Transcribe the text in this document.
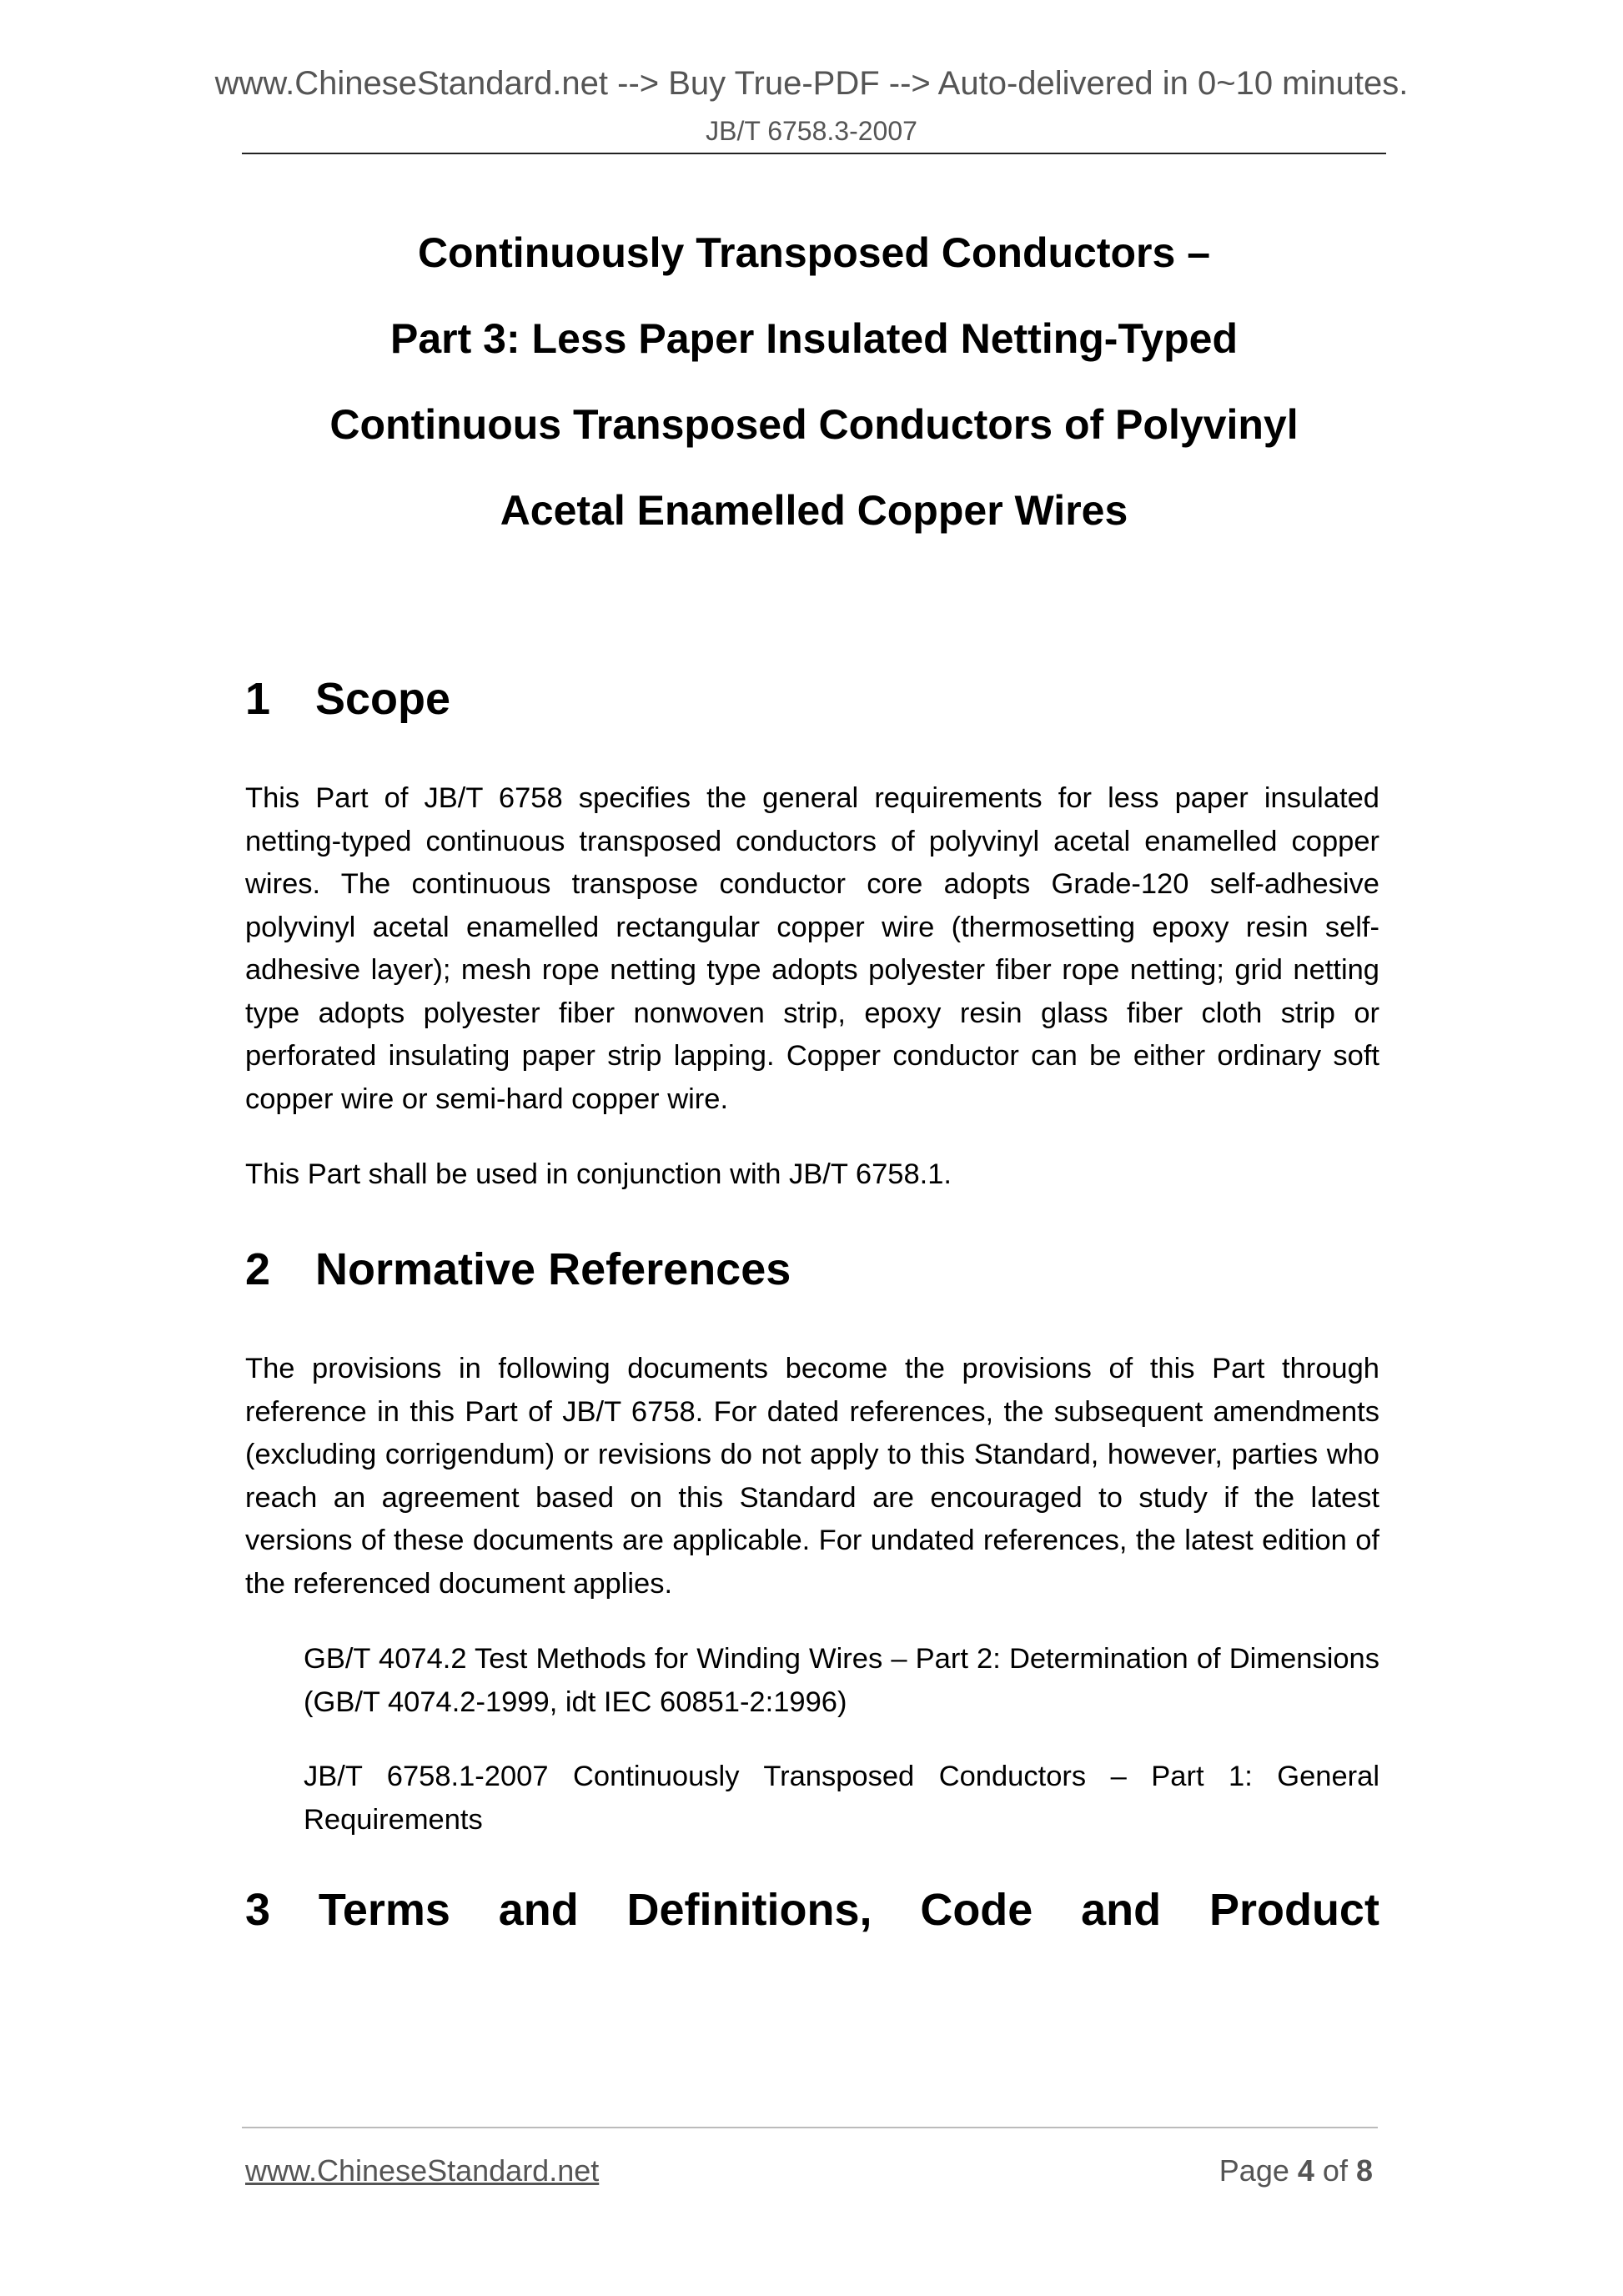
www.ChineseStandard.net --> Buy True-PDF --> Auto-delivered in 0~10 minutes.
JB/T 6758.3-2007
Continuously Transposed Conductors –
Part 3: Less Paper Insulated Netting-Typed
Continuous Transposed Conductors of Polyvinyl
Acetal Enamelled Copper Wires
1 Scope

This Part of JB/T 6758 specifies the general requirements for less paper insulated netting-typed continuous transposed conductors of polyvinyl acetal enamelled copper wires. The continuous transpose conductor core adopts Grade-120 self-adhesive polyvinyl acetal enamelled rectangular copper wire (thermosetting epoxy resin self-adhesive layer); mesh rope netting type adopts polyester fiber rope netting; grid netting type adopts polyester fiber nonwoven strip, epoxy resin glass fiber cloth strip or perforated insulating paper strip lapping. Copper conductor can be either ordinary soft copper wire or semi-hard copper wire.

This Part shall be used in conjunction with JB/T 6758.1.

2 Normative References

The provisions in following documents become the provisions of this Part through reference in this Part of JB/T 6758. For dated references, the subsequent amendments (excluding corrigendum) or revisions do not apply to this Standard, however, parties who reach an agreement based on this Standard are encouraged to study if the latest versions of these documents are applicable. For undated references, the latest edition of the referenced document applies.

GB/T 4074.2 Test Methods for Winding Wires – Part 2: Determination of Dimensions (GB/T 4074.2-1999, idt IEC 60851-2:1996)

JB/T 6758.1-2007 Continuously Transposed Conductors – Part 1: General Requirements

3 Terms and Definitions, Code and Product
www.ChineseStandard.net	Page 4 of 8
